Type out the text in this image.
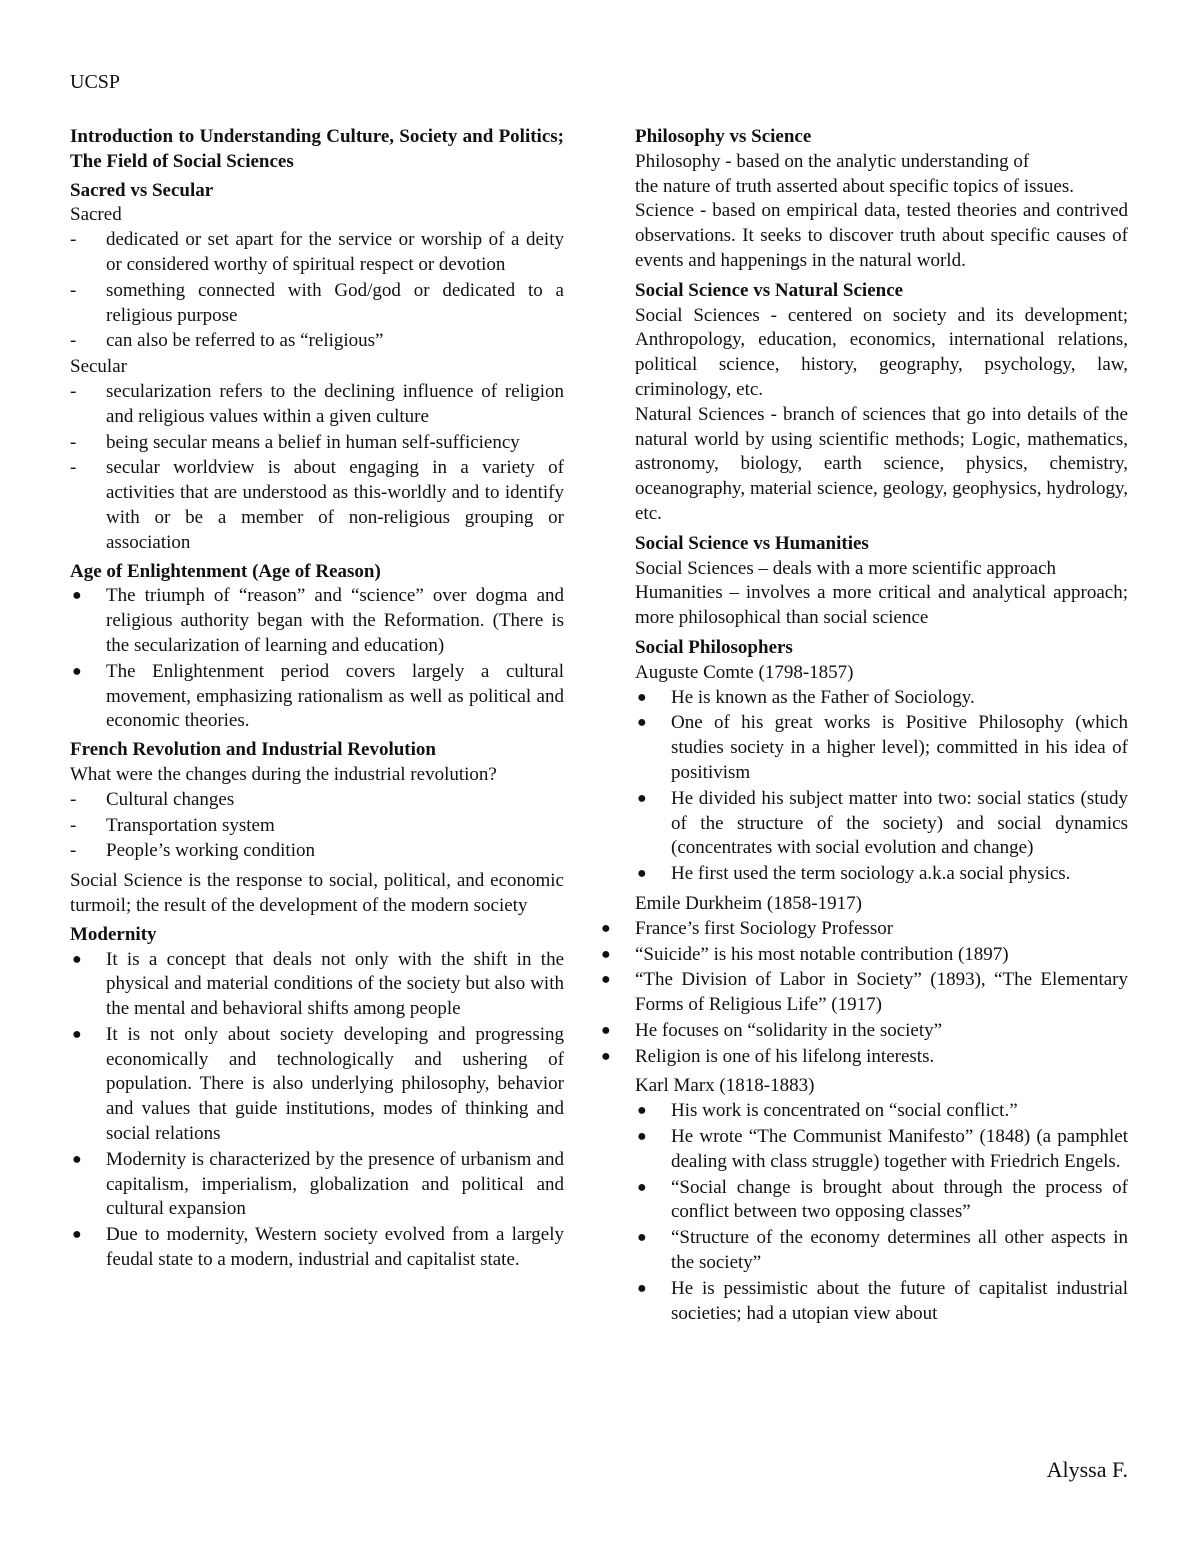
UCSP
Introduction to Understanding Culture, Society and Politics; The Field of Social Sciences
Sacred vs Secular
Sacred
-	dedicated or set apart for the service or worship of a deity or considered worthy of spiritual respect or devotion
-	something connected with God/god or dedicated to a religious purpose
-	can also be referred to as “religious”
Secular
-	secularization refers to the declining influence of religion and religious values within a given culture
-	being secular means a belief in human self-sufficiency
-	secular worldview is about engaging in a variety of activities that are understood as this-worldly and to identify with or be a member of non-religious grouping or association
Age of Enlightenment (Age of Reason)
●	The triumph of “reason” and “science” over dogma and religious authority began with the Reformation. (There is the secularization of learning and education)
●	The Enlightenment period covers largely a cultural movement, emphasizing rationalism as well as political and economic theories.
French Revolution and Industrial Revolution
What were the changes during the industrial revolution?
-	Cultural changes
-	Transportation system
-	People’s working condition
Social Science is the response to social, political, and economic turmoil; the result of the development of the modern society
Modernity
●	It is a concept that deals not only with the shift in the physical and material conditions of the society but also with the mental and behavioral shifts among people
●	It is not only about society developing and progressing economically and technologically and ushering of population. There is also underlying philosophy, behavior and values that guide institutions, modes of thinking and social relations
●	Modernity is characterized by the presence of urbanism and capitalism, imperialism, globalization and political and cultural expansion
●	Due to modernity, Western society evolved from a largely feudal state to a modern, industrial and capitalist state.
Philosophy vs Science
Philosophy - based on the analytic understanding of
the nature of truth asserted about specific topics of issues.
Science - based on empirical data, tested theories and contrived observations. It seeks to discover truth about specific causes of events and happenings in the natural world.
Social Science vs Natural Science
Social Sciences - centered on society and its development; Anthropology, education, economics, international relations, political science, history, geography, psychology, law, criminology, etc.
Natural Sciences - branch of sciences that go into details of the natural world by using scientific methods; Logic, mathematics, astronomy, biology, earth science, physics, chemistry, oceanography, material science, geology, geophysics, hydrology, etc.
Social Science vs Humanities
Social Sciences – deals with a more scientific approach
Humanities – involves a more critical and analytical approach; more philosophical than social science
Social Philosophers
Auguste Comte (1798-1857)
●	He is known as the Father of Sociology.
●	One of his great works is Positive Philosophy (which studies society in a higher level); committed in his idea of positivism
●	He divided his subject matter into two: social statics (study of the structure of the society) and social dynamics (concentrates with social evolution and change)
●	He first used the term sociology a.k.a social physics.
Emile Durkheim (1858-1917)
●	France’s first Sociology Professor
●	“Suicide” is his most notable contribution (1897)
●	“The Division of Labor in Society” (1893), “The Elementary Forms of Religious Life” (1917)
●	He focuses on “solidarity in the society”
●	Religion is one of his lifelong interests.
Karl Marx (1818-1883)
●	His work is concentrated on “social conflict.”
●	He wrote “The Communist Manifesto” (1848) (a pamphlet dealing with class struggle) together with Friedrich Engels.
●	“Social change is brought about through the process of conflict between two opposing classes”
●	“Structure of the economy determines all other aspects in the society”
●	He is pessimistic about the future of capitalist industrial societies; had a utopian view about
Alyssa F.
